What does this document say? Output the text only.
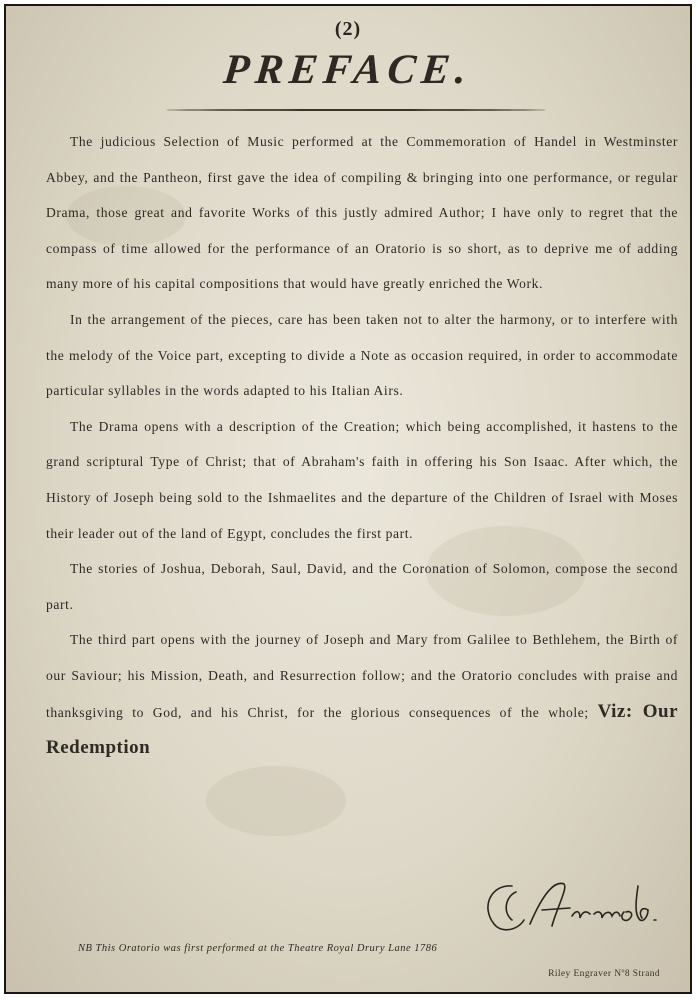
(2)
PREFACE.

The judicious Selection of Music performed at the Commemoration of Handel in Westminster Abbey, and the Pantheon, first gave the idea of compiling & bringing into one performance, or regular Drama, those great and favorite Works of this justly admired Author; I have only to regret that the compass of time allowed for the performance of an Oratorio is so short, as to deprive me of adding many more of his capital compositions that would have greatly enriched the Work.

In the arrangement of the pieces, care has been taken not to alter the harmony, or to interfere with the melody of the Voice part, excepting to divide a Note as occasion required, in order to accommodate particular syllables in the words adapted to his Italian Airs.

The Drama opens with a description of the Creation; which being accomplished, it hastens to the grand scriptural Type of Christ; that of Abraham's faith in offering his Son Isaac. After which, the History of Joseph being sold to the Ishmaelites and the departure of the Children of Israel with Moses their leader out of the land of Egypt, concludes the first part.

The stories of Joshua, Deborah, Saul, David, and the Coronation of Solomon, compose the second part.

The third part opens with the journey of Joseph and Mary from Galilee to Bethlehem, the Birth of our Saviour; his Mission, Death, and Resurrection follow; and the Oratorio concludes with praise and thanksgiving to God, and his Christ, for the glorious consequences of the whole; Viz: Our Redemption

NB This Oratorio was first performed at the Theatre Royal Drury Lane 1786
Riley Engraver Nº8 Strand
